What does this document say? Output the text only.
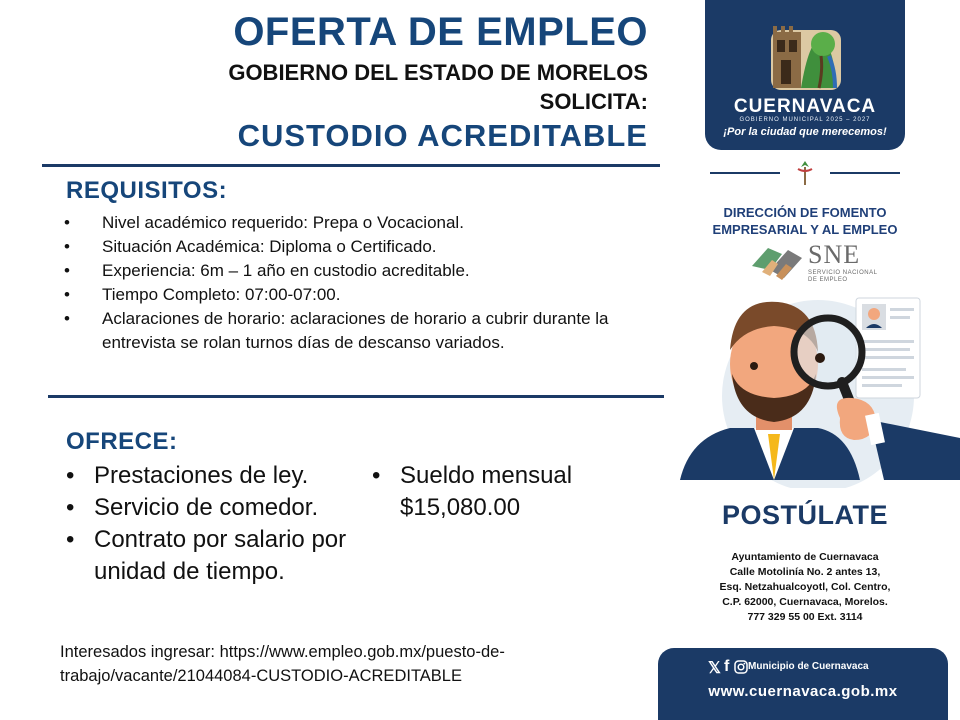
OFERTA DE EMPLEO
GOBIERNO DEL ESTADO DE MORELOS
SOLICITA:
CUSTODIO ACREDITABLE
REQUISITOS:
• Nivel académico requerido: Prepa o Vocacional.
• Situación Académica: Diploma o Certificado.
• Experiencia: 6m – 1 año en custodio acreditable.
• Tiempo Completo: 07:00-07:00.
• Aclaraciones de horario: aclaraciones de horario a cubrir durante la entrevista se rolan turnos días de descanso variados.
OFRECE:
• Prestaciones de ley.
• Servicio de comedor.
• Contrato por salario por unidad de tiempo.
• Sueldo mensual $15,080.00
Interesados ingresar: https://www.empleo.gob.mx/puesto-de-trabajo/vacante/21044084-CUSTODIO-ACREDITABLE
CUERNAVACA
GOBIERNO MUNICIPAL 2025 – 2027
¡Por la ciudad que merecemos!
DIRECCIÓN DE FOMENTO
EMPRESARIAL Y AL EMPLEO
SNE
SERVICIO NACIONAL
DE EMPLEO
POSTÚLATE
Ayuntamiento de Cuernavaca
Calle Motolinía No. 2 antes 13,
Esq. Netzahualcoyotl, Col. Centro,
C.P. 62000, Cuernavaca, Morelos.
777 329 55 00 Ext. 3114
𝕏 f Municipio de Cuernavaca
www.cuernavaca.gob.mx
